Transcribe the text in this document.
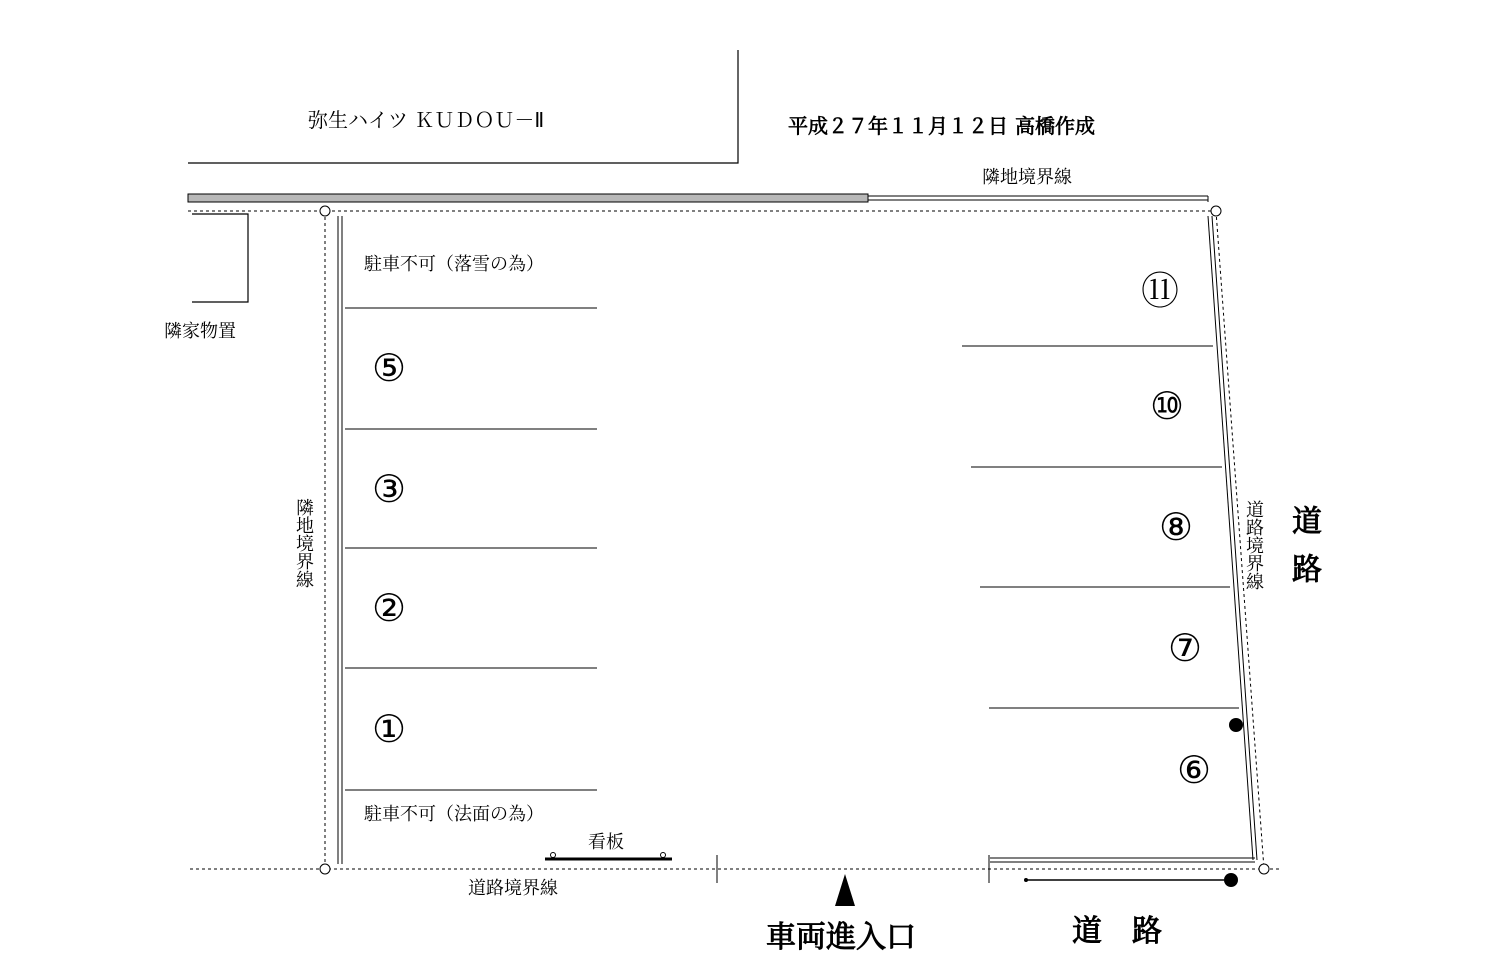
弥生ハイツ ＫＵＤＯＵ－Ⅱ	平成２７年１１月１２日 高橋作成
隣地境界線
隣家物置
隣地境界線
駐車不可（落雪の為）
駐車不可（法面の為）
看板
道路境界線
道路境界線 道路
道　路
車両進入口
⑤
③
②
①
⑪
⑩
⑧
⑦
⑥
